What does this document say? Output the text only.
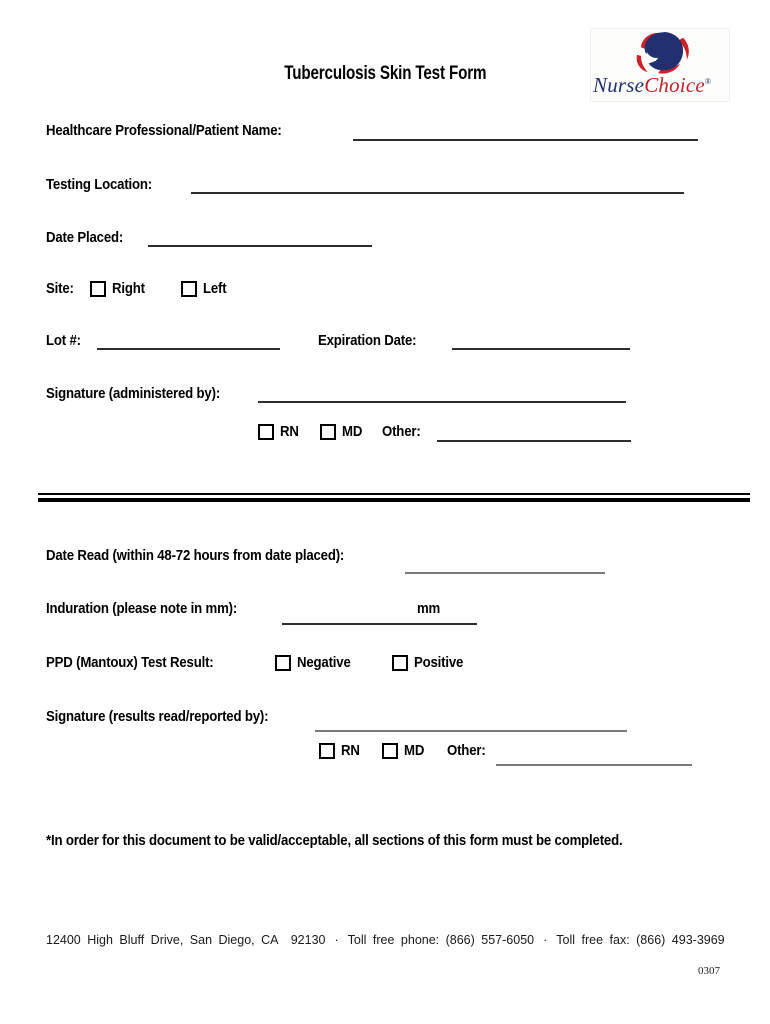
Tuberculosis Skin Test Form	NurseChoice®
Healthcare Professional/Patient Name:
Testing Location:
Date Placed:
Site:	Right	Left
Lot #:	Expiration Date:
Signature (administered by):
RN	MD Other:
Date Read (within 48-72 hours from date placed):
Induration (please note in mm):	mm
PPD (Mantoux) Test Result:	Negative	Positive
Signature (results read/reported by):
RN	MD Other:
*In order for this document to be valid/acceptable, all sections of this form must be completed.
12400 High Bluff Drive, San Diego, CA  92130 · Toll free phone: (866) 557-6050 · Toll free fax: (866) 493-3969
0307
